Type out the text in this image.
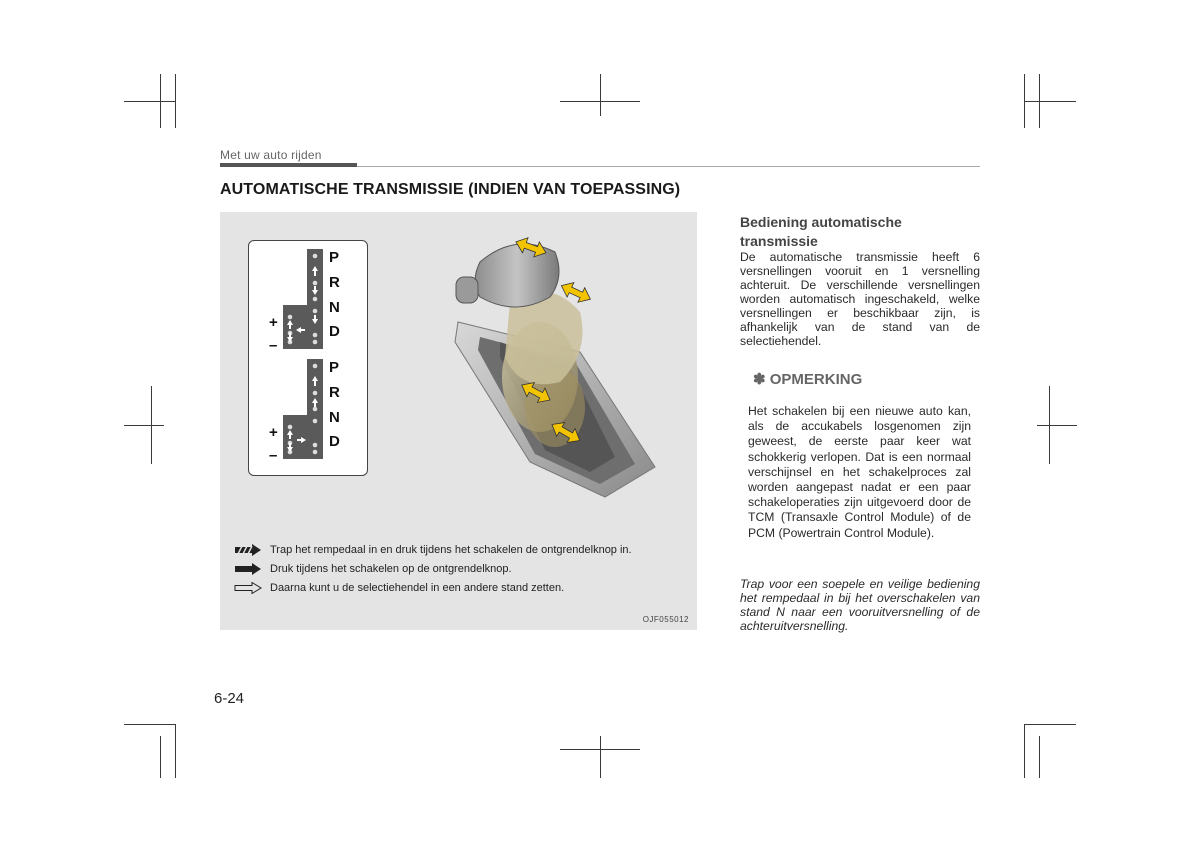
Met uw auto rijden
AUTOMATISCHE TRANSMISSIE (INDIEN VAN TOEPASSING)
P
R
N
D
P
R
N
D
+
–
+
–
Trap het rempedaal in en druk tijdens het schakelen de ontgrendelknop in.
Druk tijdens het schakelen op de ontgrendelknop.
Daarna kunt u de selectiehendel in een andere stand zetten.
OJF055012
Bediening automatische transmissie
De automatische transmissie heeft 6 versnellingen vooruit en 1 versnelling achteruit. De verschillende versnellingen worden automatisch ingeschakeld, welke versnellingen er beschikbaar zijn, is afhankelijk van de stand van de selectiehendel.
✽ OPMERKING
Het schakelen bij een nieuwe auto kan, als de accukabels losgenomen zijn geweest, de eerste paar keer wat schokkerig verlopen. Dat is een normaal verschijnsel en het schakelproces zal worden aangepast nadat er een paar schakeloperaties zijn uitgevoerd door de TCM (Transaxle Control Module) of de PCM (Powertrain Control Module).
Trap voor een soepele en veilige bediening het rempedaal in bij het overschakelen van stand N naar een vooruitversnelling of de achteruitversnelling.
6-24
